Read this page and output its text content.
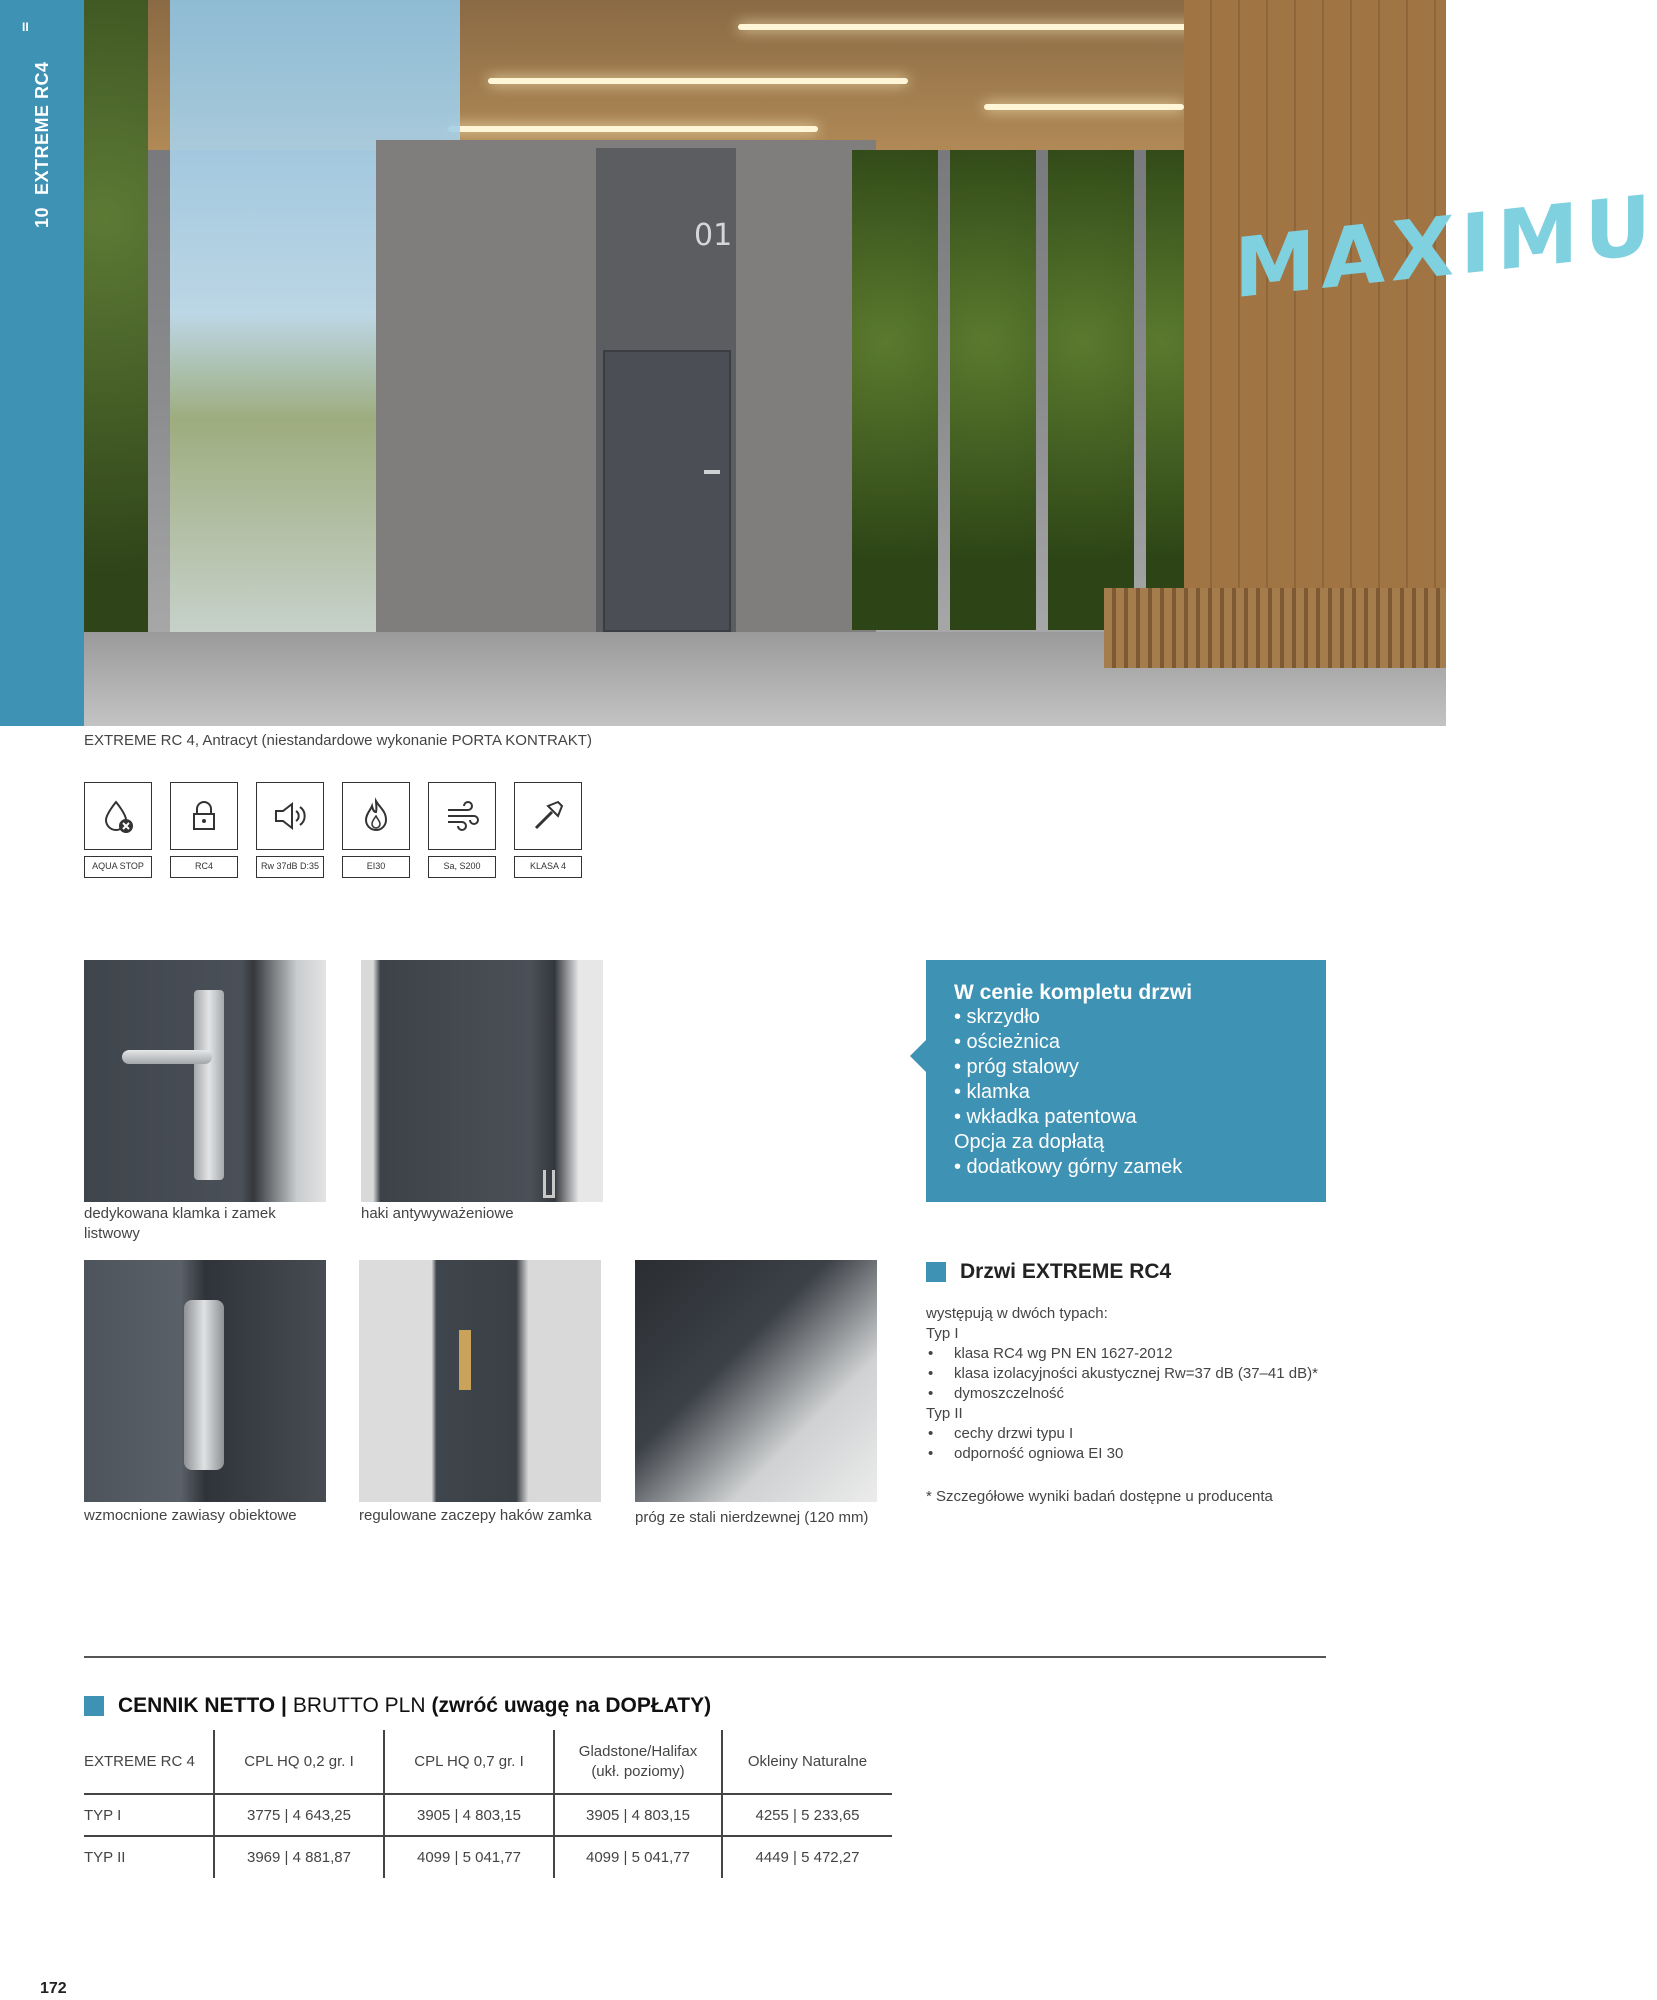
II
10EXTREME RC4
01	MAXIMU
EXTREME RC 4, Antracyt (niestandardowe wykonanie PORTA KONTRAKT)
AQUA STOP	RC4	Rw 37dB D:35	EI30	Sa, S200	KLASA 4
dedykowana klamka i zamek listwowy
haki antywyważeniowe
wzmocnione zawiasy obiektowe	regulowane zaczepy haków zamka	próg ze stali nierdzewnej (120 mm)
W cenie kompletu drzwi
• skrzydło
• ościeżnica
• próg stalowy
• klamka
• wkładka patentowa
Opcja za dopłatą
• dodatkowy górny zamek
Drzwi EXTREME RC4
występują w dwóch typach:
Typ I
• klasa RC4 wg PN EN 1627-2012
• klasa izolacyjności akustycznej Rw=37 dB (37–41 dB)*
• dymoszczelność
Typ II
• cechy drzwi typu I
• odporność ogniowa EI 30
* Szczegółowe wyniki badań dostępne u producenta
CENNIK NETTO | BRUTTO PLN (zwróć uwagę na DOPŁATY)
EXTREME RC 4	CPL HQ 0,2 gr. I	CPL HQ 0,7 gr. I	Gladstone/Halifax
(ukł. poziomy)	Okleiny Naturalne
TYP I	3775 | 4 643,25	3905 | 4 803,15	3905 | 4 803,15	4255 | 5 233,65
TYP II	3969 | 4 881,87	4099 | 5 041,77	4099 | 5 041,77	4449 | 5 472,27
172
